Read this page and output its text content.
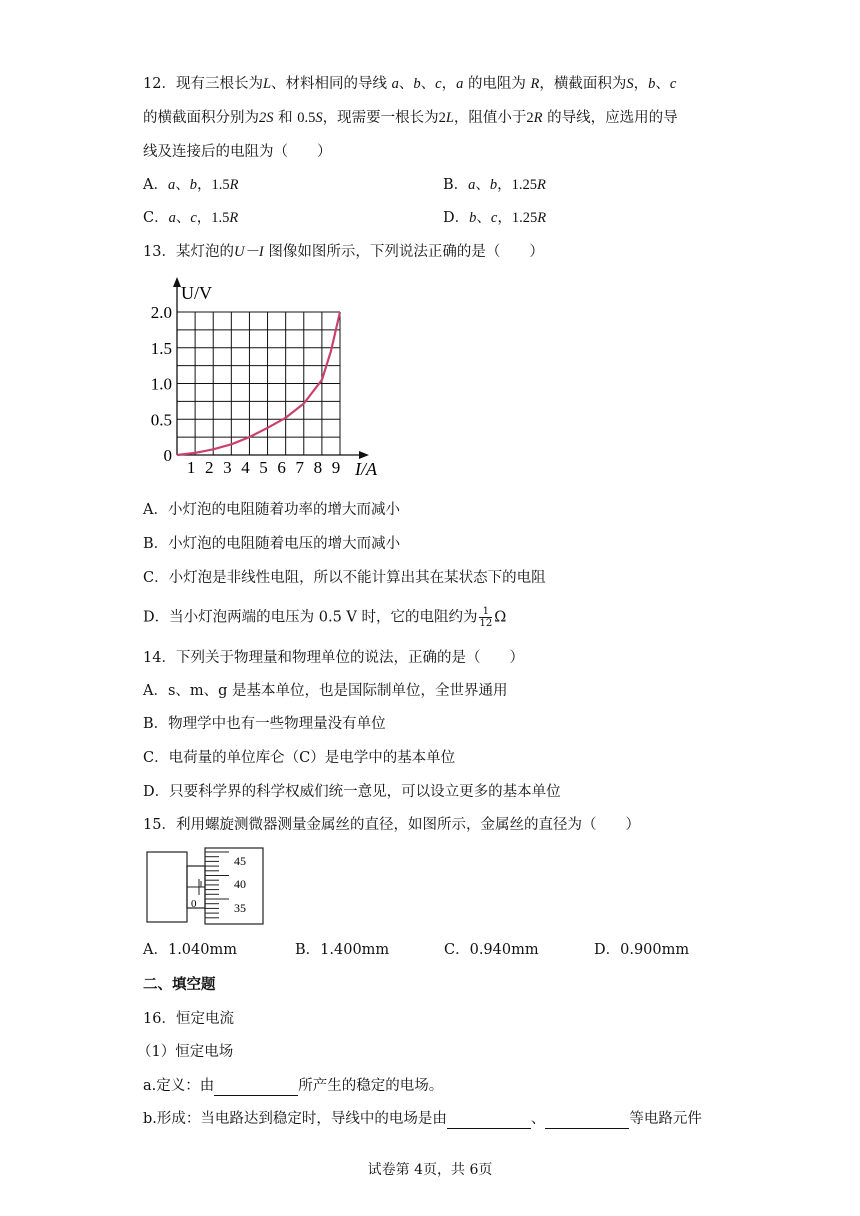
12．现有三根长为L、材料相同的导线 a、b、c，a 的电阻为 R，横截面积为S，b、c
的横截面积分别为2S 和 0.5S，现需要一根长为2L，阻值小于2R 的导线，应选用的导
线及连接后的电阻为（　　）
A．a、b，1.5R	B．a、b，1.25R
C．a、c，1.5R	D．b、c，1.25R
13．某灯泡的U－I 图像如图所示，下列说法正确的是（　　）
0
0.5
1.0
1.5
2.0
1 2 3 4 5 6 7 8 9
U/V
I/A
A．小灯泡的电阻随着功率的增大而减小
B．小灯泡的电阻随着电压的增大而减小
C．小灯泡是非线性电阻，所以不能计算出其在某状态下的电阻
D．当小灯泡两端的电压为 0.5 V 时，它的电阻约为 $\frac{1}{12}$ Ω
14．下列关于物理量和物理单位的说法，正确的是（　　）
A．s、m、g 是基本单位，也是国际制单位，全世界通用
B．物理学中也有一些物理量没有单位
C．电荷量的单位库仑（C）是电学中的基本单位
D．只要科学界的科学权威们统一意见，可以设立更多的基本单位
15．利用螺旋测微器测量金属丝的直径，如图所示，金属丝的直径为（　　）
0
45
40
35
A．1.040mm	B．1.400mm	C．0.940mm	D．0.900mm
二、填空题
16．恒定电流
（1）恒定电场
a.定义：由	所产生的稳定的电场。
b.形成：当电路达到稳定时，导线中的电场是由	、	等电路元件
试卷第 4页，共 6页
